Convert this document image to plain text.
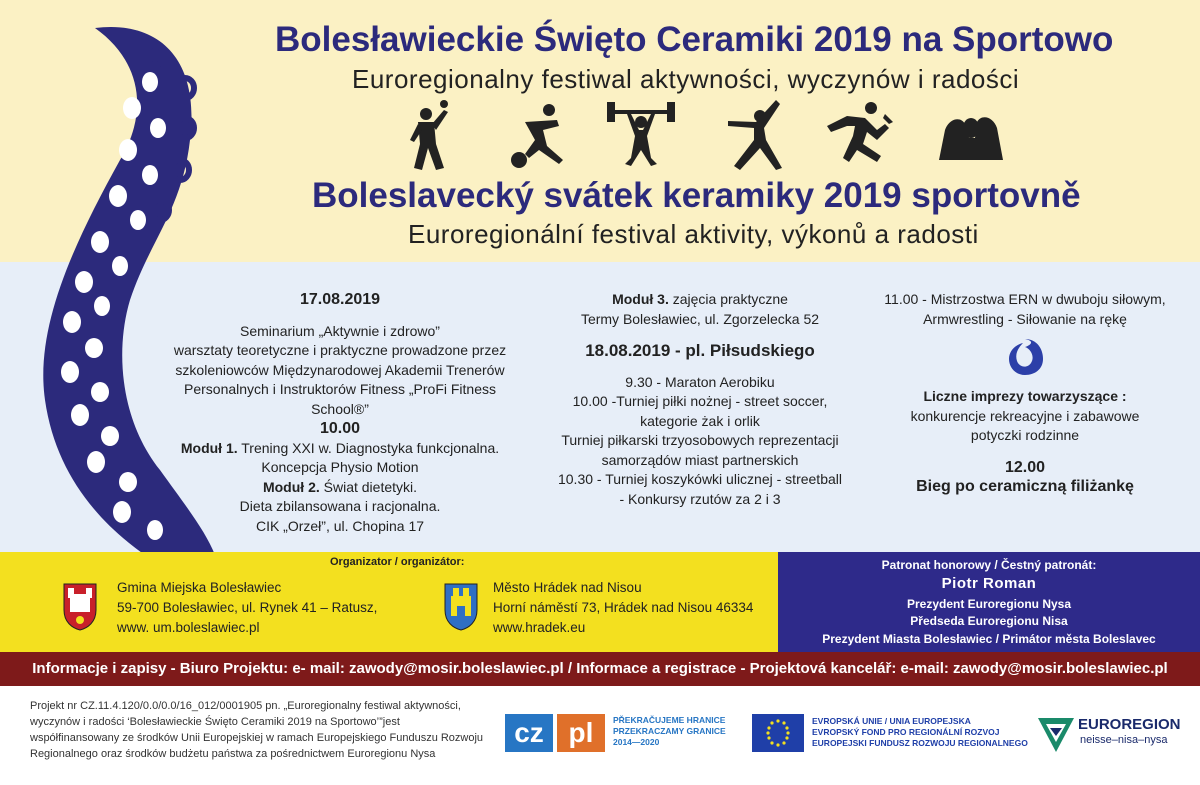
Bolesławieckie Święto Ceramiki 2019 na Sportowo
Euroregionalny festiwal aktywności, wyczynów i radości
Boleslavecký svátek keramiky 2019 sportovně
Euroregionální festival aktivity, výkonů a radosti
17.08.2019
Seminarium „Aktywnie i zdrowo”
warsztaty teoretyczne i praktyczne prowadzone przez
szkoleniowców Międzynarodowej Akademii Trenerów
Personalnych i Instruktorów Fitness „ProFi Fitness
School®”
10.00
Moduł 1. Trening XXI w. Diagnostyka funkcjonalna.
Koncepcja Physio Motion
Moduł 2. Świat dietetyki.
Dieta zbilansowana i racjonalna.
CIK „Orzeł”, ul. Chopina 17
Moduł 3. zajęcia praktyczne
Termy Bolesławiec, ul. Zgorzelecka 52
18.08.2019 - pl. Piłsudskiego
9.30 - Maraton Aerobiku
10.00 -Turniej piłki nożnej - street soccer,
kategorie żak i orlik
Turniej piłkarski trzyosobowych reprezentacji
samorządów miast partnerskich
10.30 - Turniej koszykówki ulicznej - streetball
- Konkursy rzutów za 2 i 3
11.00 - Mistrzostwa ERN w dwuboju siłowym,
Armwrestling - Siłowanie na rękę
Liczne imprezy towarzyszące :
konkurencje rekreacyjne i zabawowe
potyczki rodzinne
12.00
Bieg po ceramiczną filiżankę
Organizator / organizátor:
Gmina Miejska Bolesławiec
59-700 Bolesławiec, ul. Rynek 41 – Ratusz,
www. um.boleslawiec.pl
Město Hrádek nad Nisou
Horní náměstí 73, Hrádek nad Nisou 46334
www.hradek.eu
Patronat honorowy / Čestný patronát:
Piotr Roman
Prezydent Euroregionu Nysa
Předseda Euroregionu Nisa
Prezydent Miasta Bolesławiec / Primátor města Boleslavec
Informacje i zapisy - Biuro Projektu: e- mail: zawody@mosir.boleslawiec.pl / Informace a registrace - Projektová kancelář: e-mail: zawody@mosir.boleslawiec.pl
Projekt nr CZ.11.4.120/0.0/0.0/16_012/0001905 pn. „Euroregionalny festiwal aktywności, wyczynów i radości ‘Bolesławieckie Święto Ceramiki 2019 na Sportowo’”jest współfinansowany ze środków Unii Europejskiej w ramach Europejskiego Funduszu Rozwoju Regionalnego oraz środków budżetu państwa za pośrednictwem Euroregionu Nysa
cz pl	PŘEKRAČUJEME HRANICE
PRZEKRACZAMY GRANICE
2014—2020
EVROPSKÁ UNIE / UNIA EUROPEJSKA
EVROPSKÝ FOND PRO REGIONÁLNÍ ROZVOJ
EUROPEJSKI FUNDUSZ ROZWOJU REGIONALNEGO
EUROREGION
neisse–nisa–nysa
